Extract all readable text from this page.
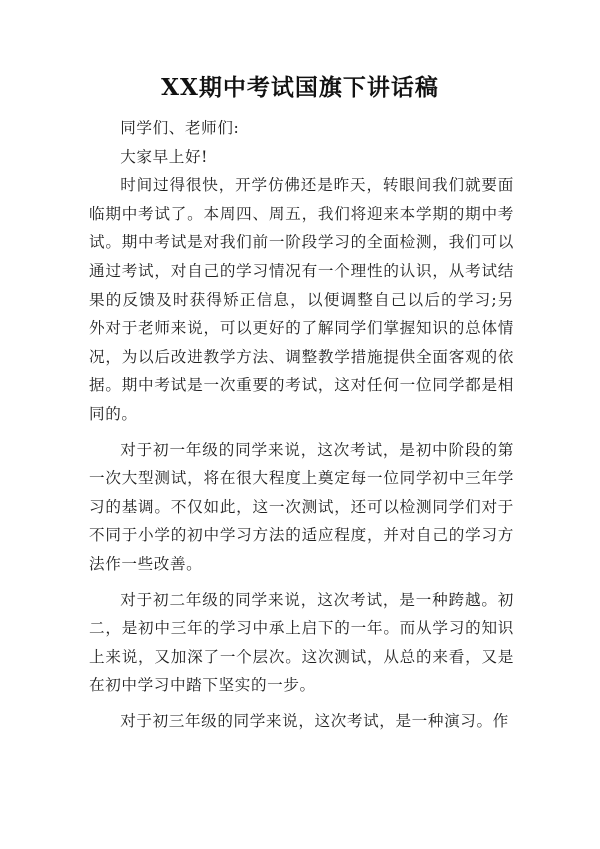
XX期中考试国旗下讲话稿

同学们、老师们:

大家早上好!

时间过得很快，开学仿佛还是昨天，转眼间我们就要面临期中考试了。本周四、周五，我们将迎来本学期的期中考试。期中考试是对我们前一阶段学习的全面检测，我们可以通过考试，对自己的学习情况有一个理性的认识，从考试结果的反馈及时获得矫正信息，以便调整自己以后的学习;另外对于老师来说，可以更好的了解同学们掌握知识的总体情况，为以后改进教学方法、调整教学措施提供全面客观的依据。期中考试是一次重要的考试，这对任何一位同学都是相同的。

对于初一年级的同学来说，这次考试，是初中阶段的第一次大型测试，将在很大程度上奠定每一位同学初中三年学习的基调。不仅如此，这一次测试，还可以检测同学们对于不同于小学的初中学习方法的适应程度，并对自己的学习方法作一些改善。

对于初二年级的同学来说，这次考试，是一种跨越。初二，是初中三年的学习中承上启下的一年。而从学习的知识上来说，又加深了一个层次。这次测试，从总的来看，又是在初中学习中踏下坚实的一步。

对于初三年级的同学来说，这次考试，是一种演习。作
